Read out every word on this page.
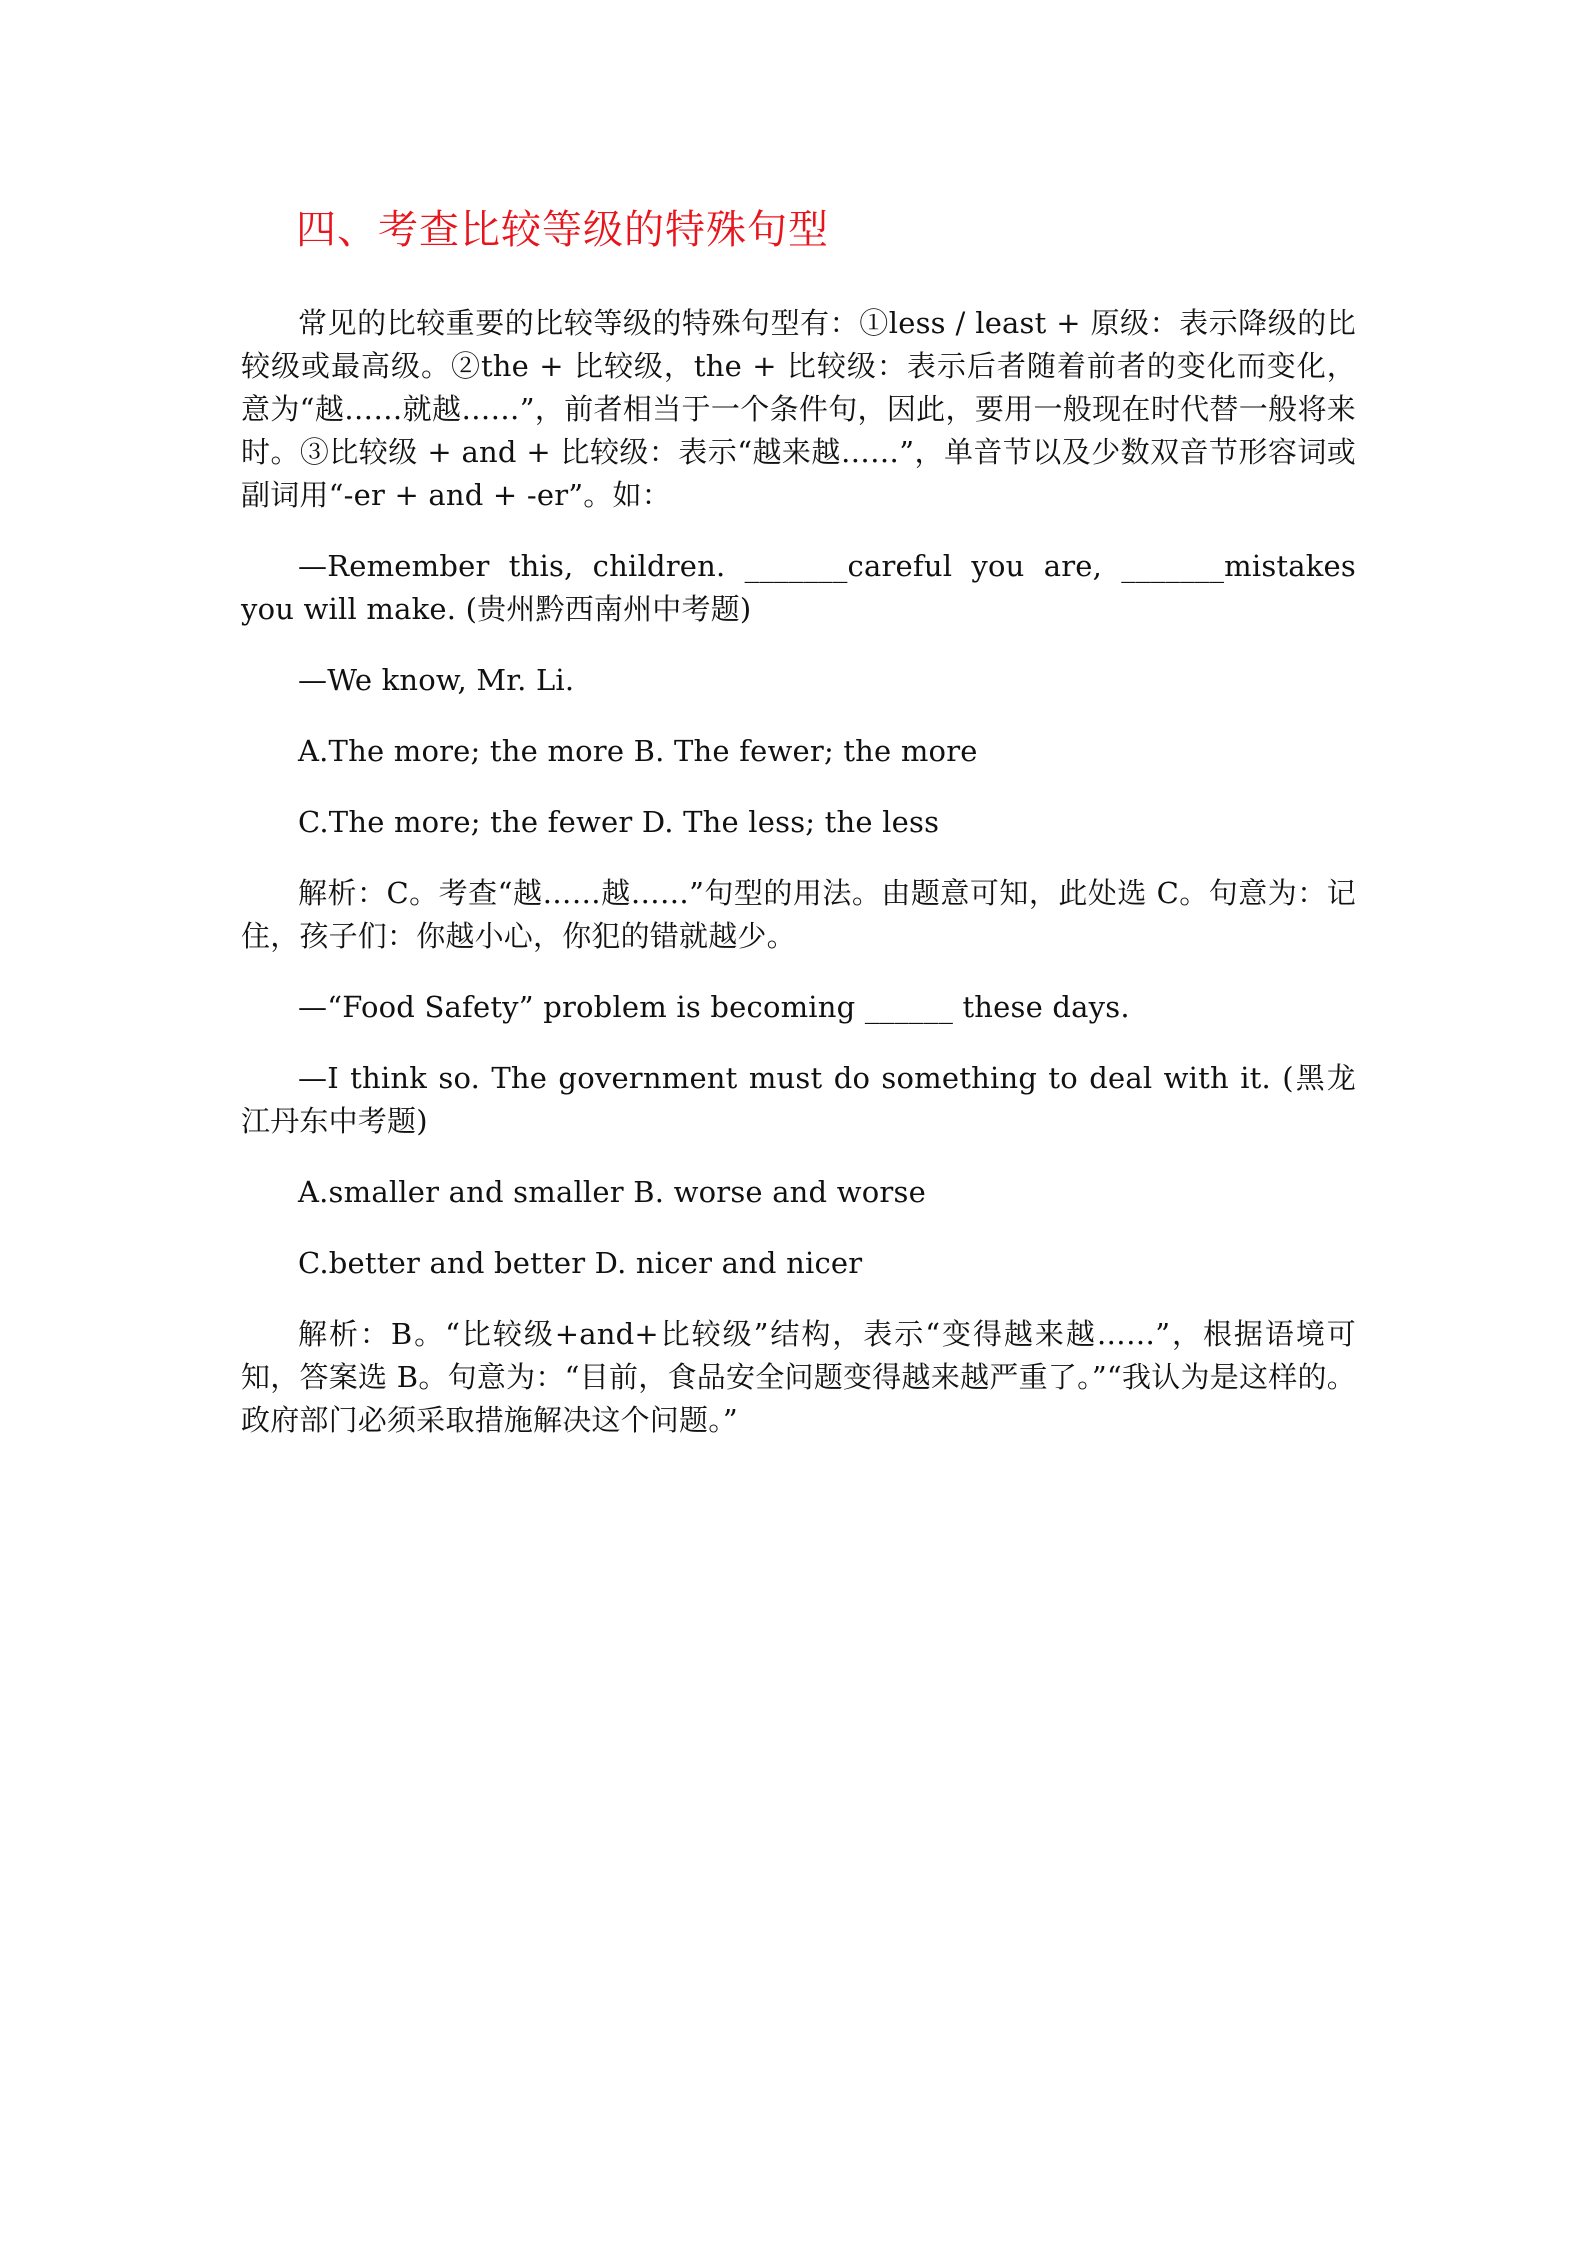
四、考查比较等级的特殊句型

常见的比较重要的比较等级的特殊句型有：①less / least + 原级：表示降级的比较级或最高级。②the + 比较级，the + 比较级：表示后者随着前者的变化而变化，意为“越……就越……”，前者相当于一个条件句，因此，要用一般现在时代替一般将来时。③比较级 + and + 比较级：表示“越来越……”，单音节以及少数双音节形容词或副词用“-er + and + -er”。如：

—Remember this, children. _______careful you are, _______mistakes you will make. (贵州黔西南州中考题)

—We know, Mr. Li.

A.The more; the more B. The fewer; the more

C.The more; the fewer D. The less; the less

解析：C。考查“越……越……”句型的用法。由题意可知，此处选 C。句意为：记住，孩子们：你越小心，你犯的错就越少。

—“Food Safety” problem is becoming ______ these days.

—I think so. The government must do something to deal with it. (黑龙江丹东中考题)

A.smaller and smaller B. worse and worse

C.better and better D. nicer and nicer

解析：B。“比较级+and+比较级”结构，表示“变得越来越……”，根据语境可知，答案选 B。句意为：“目前，食品安全问题变得越来越严重了。”“我认为是这样的。政府部门必须采取措施解决这个问题。”
